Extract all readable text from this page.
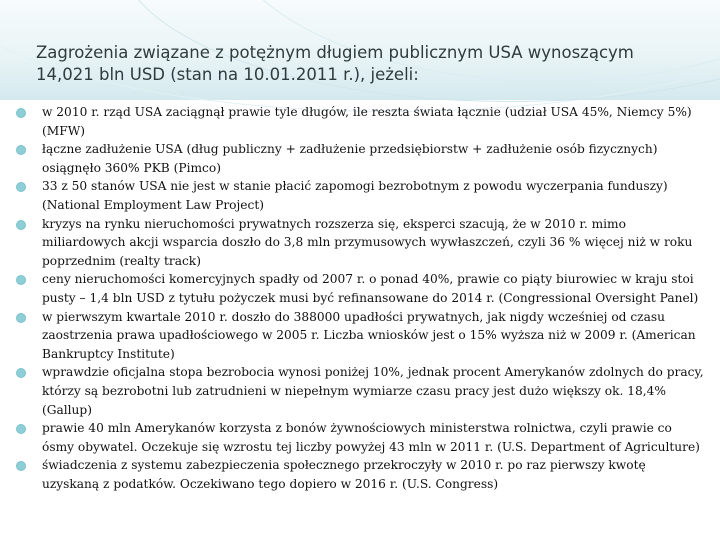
Zagrożenia związane z potężnym długiem publicznym USA wynoszącym 14,021 bln USD (stan na 10.01.2011 r.), jeżeli:
w 2010 r. rząd USA zaciągnął prawie tyle długów, ile reszta świata łącznie (udział USA 45%, Niemcy 5%) (MFW)
łączne zadłużenie USA (dług publiczny + zadłużenie przedsiębiorstw + zadłużenie osób fizycznych) osiągnęło 360% PKB (Pimco)
33 z 50 stanów USA nie jest w stanie płacić zapomogi bezrobotnym z powodu wyczerpania funduszy) (National Employment Law Project)
kryzys na rynku nieruchomości prywatnych rozszerza się, eksperci szacują, że w 2010 r. mimo miliardowych akcji wsparcia doszło do 3,8 mln przymusowych wywłaszczeń, czyli 36 % więcej niż w roku poprzednim (realty track)
ceny nieruchomości komercyjnych spadły od 2007 r. o ponad 40%, prawie co piąty biurowiec w kraju stoi pusty – 1,4 bln USD z tytułu pożyczek musi być refinansowane do 2014 r. (Congressional Oversight Panel)
w pierwszym kwartale 2010 r. doszło do 388000 upadłości prywatnych, jak nigdy wcześniej od czasu zaostrzenia prawa upadłościowego w 2005 r. Liczba wniosków jest o 15% wyższa niż w 2009 r. (American Bankruptcy Institute)
wprawdzie oficjalna stopa bezrobocia wynosi poniżej 10%, jednak procent Amerykanów zdolnych do pracy, którzy są bezrobotni lub zatrudnieni w niepełnym wymiarze czasu pracy jest dużo większy ok. 18,4% (Gallup)
prawie 40 mln Amerykanów korzysta z bonów żywnościowych ministerstwa rolnictwa, czyli prawie co ósmy obywatel. Oczekuje się wzrostu tej liczby powyżej 43 mln w 2011 r. (U.S. Department of Agriculture)
świadczenia z systemu zabezpieczenia społecznego przekroczyły w 2010 r. po raz pierwszy kwotę uzyskaną z podatków. Oczekiwano tego dopiero w 2016 r. (U.S. Congress)
